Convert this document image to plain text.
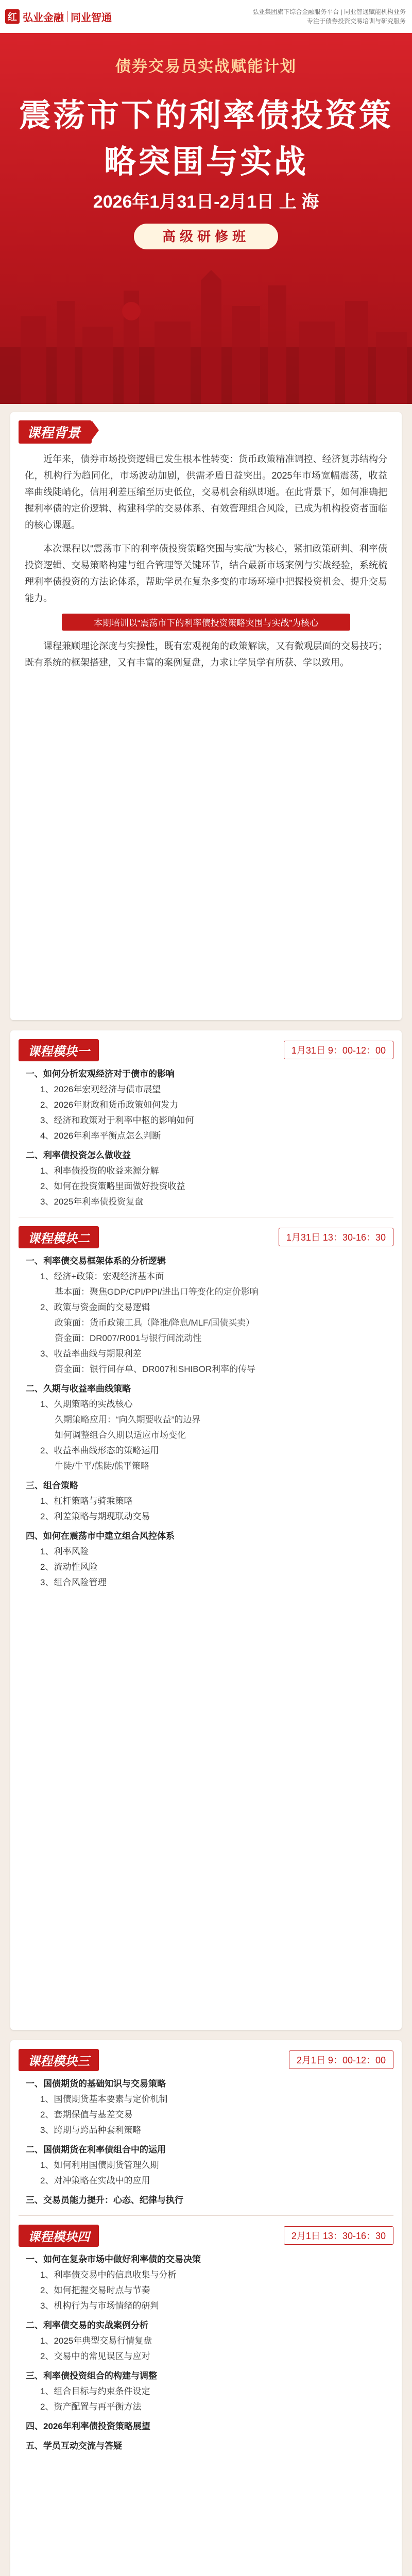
红 弘业金融 同业智通
弘业集团旗下综合金融服务平台 | 同业智通赋能机构业务
专注于债券投资交易培训与研究服务
债券交易员实战赋能计划
震荡市下的利率债投资策
略突围与实战
2026年1月31日-2月1日 上 海
高级研修班
课程背景

近年来，债券市场投资逻辑已发生根本性转变：货币政策精准调控、经济复苏结构分化，机构行为趋同化，市场波动加剧，供需矛盾日益突出。2025年市场宽幅震荡，收益率曲线陡峭化，信用利差压缩至历史低位，交易机会稍纵即逝。在此背景下，如何准确把握利率债的定价逻辑、构建科学的交易体系、有效管理组合风险，已成为机构投资者面临的核心课题。

本次课程以“震荡市下的利率债投资策略突围与实战”为核心，紧扣政策研判、利率债投资逻辑、交易策略构建与组合管理等关键环节，结合最新市场案例与实战经验，系统梳理利率债投资的方法论体系，帮助学员在复杂多变的市场环境中把握投资机会、提升交易能力。

本期培训以“震荡市下的利率债投资策略突围与实战”为核心

课程兼顾理论深度与实操性，既有宏观视角的政策解读，又有微观层面的交易技巧；既有系统的框架搭建，又有丰富的案例复盘，力求让学员学有所获、学以致用。

课程模块一	1月31日 9：00-12：00
一、如何分析宏观经济对于债市的影响
1、2026年宏观经济与债市展望
2、2026年财政和货币政策如何发力
3、经济和政策对于利率中枢的影响如何
4、2026年利率平衡点怎么判断
二、利率债投资怎么做收益
1、利率债投资的收益来源分解
2、如何在投资策略里面做好投资收益
3、2025年利率债投资复盘
课程模块二	1月31日 13：30-16：30
一、利率债交易框架体系的分析逻辑
1、经济+政策：宏观经济基本面
基本面：聚焦GDP/CPI/PPI/进出口等变化的定价影响
2、政策与资金面的交易逻辑
政策面：货币政策工具（降准/降息/MLF/国债买卖）
资金面：DR007/R001与银行间流动性
3、收益率曲线与期限利差
资金面：银行间存单、DR007和SHIBOR利率的传导
二、久期与收益率曲线策略
1、久期策略的实战核心
久期策略应用：“向久期要收益”的边界
如何调整组合久期以适应市场变化
2、收益率曲线形态的策略运用
牛陡/牛平/熊陡/熊平策略
三、组合策略
1、杠杆策略与骑乘策略
2、利差策略与期现联动交易
四、如何在震荡市中建立组合风控体系
1、利率风险
2、流动性风险
3、组合风险管理
课程模块三	2月1日 9：00-12：00
一、国债期货的基础知识与交易策略
1、国债期货基本要素与定价机制
2、套期保值与基差交易
3、跨期与跨品种套利策略
二、国债期货在利率债组合中的运用
1、如何利用国债期货管理久期
2、对冲策略在实战中的应用
三、交易员能力提升：心态、纪律与执行
课程模块四	2月1日 13：30-16：30
一、如何在复杂市场中做好利率债的交易决策
1、利率债交易中的信息收集与分析
2、如何把握交易时点与节奏
3、机构行为与市场情绪的研判
二、利率债交易的实战案例分析
1、2025年典型交易行情复盘
2、交易中的常见误区与应对
三、利率债投资组合的构建与调整
1、组合目标与约束条件设定
2、资产配置与再平衡方法
四、2026年利率债投资策略展望
五、学员互动交流与答疑
